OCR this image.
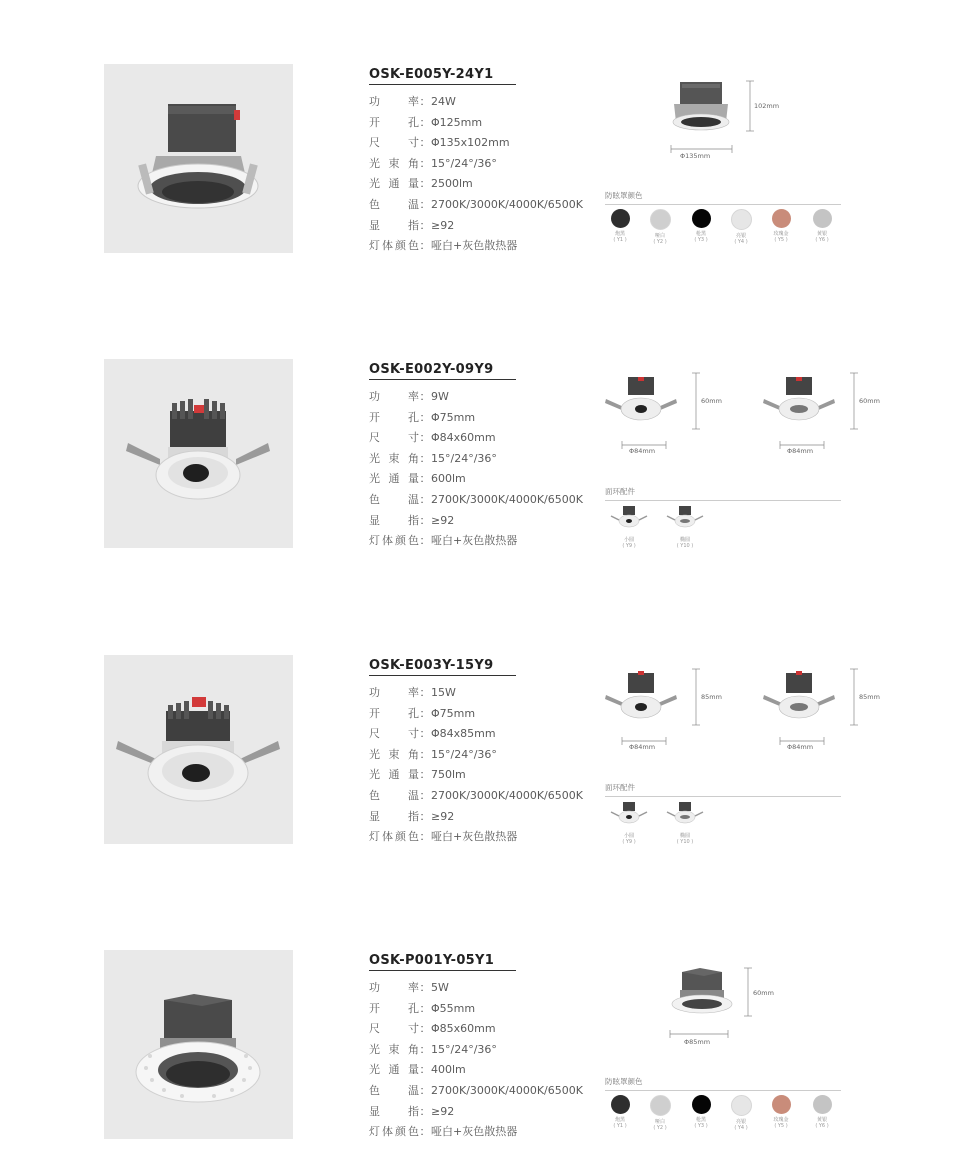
OSK-E005Y-24Y1
功　　率：24W
开　　孔：Φ125mm
尺　　寸：Φ135x102mm
光 束 角：15°/24°/36°
光 通 量：2500lm
色　　温：2700K/3000K/4000K/6500K
显　　指：≥92
灯体颜色：哑白+灰色散热器
102mm
Φ135mm
防眩罩颜色
炮黑
( Y1 )
哑白
( Y2 )
枪黑
( Y3 )
亮银
( Y4 )
玫瑰金
( Y5 )
黄银
( Y6 )
OSK-E002Y-09Y9
功　　率：9W
开　　孔：Φ75mm
尺　　寸：Φ84x60mm
光 束 角：15°/24°/36°
光 通 量：600lm
色　　温：2700K/3000K/4000K/6500K
显　　指：≥92
灯体颜色：哑白+灰色散热器
60mm
Φ84mm
60mm
Φ84mm
面环配件
小圆
( Y9 )
椭圆
( Y10 )
OSK-E003Y-15Y9
功　　率：15W
开　　孔：Φ75mm
尺　　寸：Φ84x85mm
光 束 角：15°/24°/36°
光 通 量：750lm
色　　温：2700K/3000K/4000K/6500K
显　　指：≥92
灯体颜色：哑白+灰色散热器
85mm
Φ84mm
85mm
Φ84mm
面环配件
小圆
( Y9 )
椭圆
( Y10 )
OSK-P001Y-05Y1
功　　率：5W
开　　孔：Φ55mm
尺　　寸：Φ85x60mm
光 束 角：15°/24°/36°
光 通 量：400lm
色　　温：2700K/3000K/4000K/6500K
显　　指：≥92
灯体颜色：哑白+灰色散热器
60mm
Φ85mm
防眩罩颜色
炮黑
( Y1 )
哑白
( Y2 )
枪黑
( Y3 )
亮银
( Y4 )
玫瑰金
( Y5 )
黄银
( Y6 )
